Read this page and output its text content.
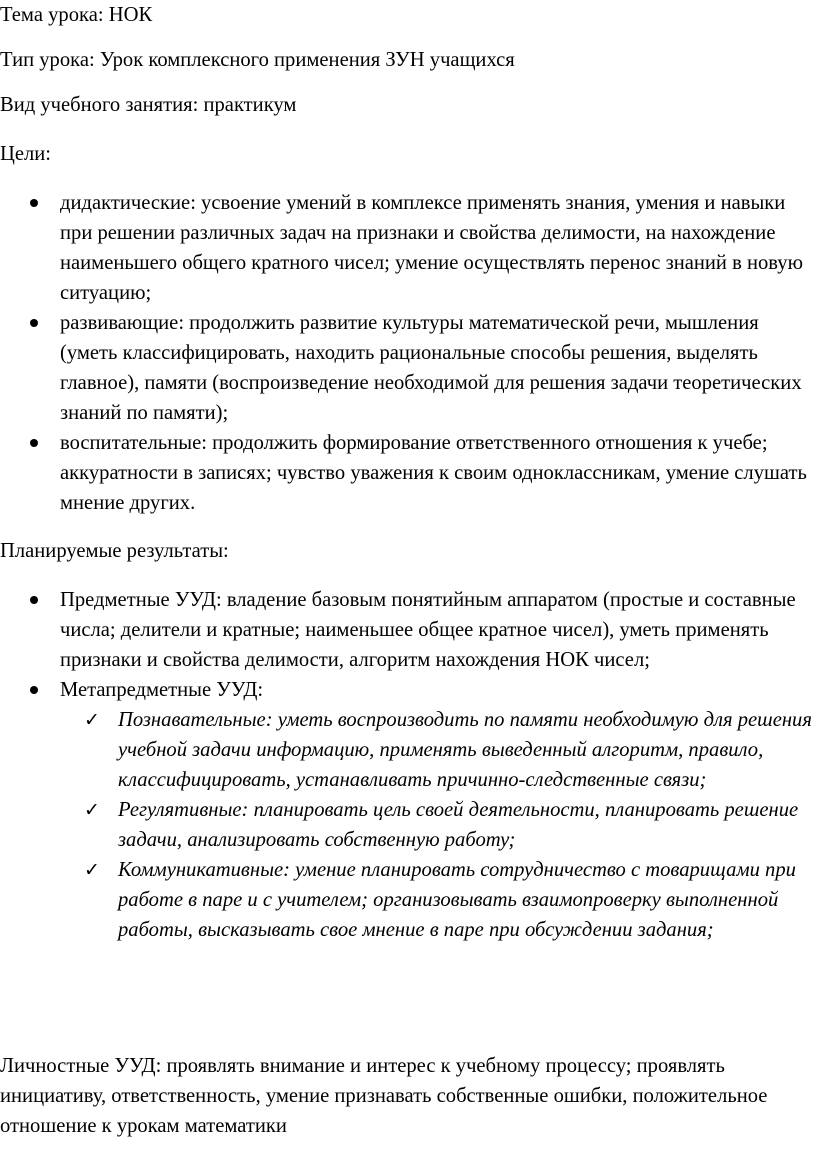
Тема урока: НОК
Тип урока: Урок комплексного применения ЗУН учащихся
Вид учебного занятия: практикум
Цели:
дидактические: усвоение умений в комплексе применять знания, умения и навыки при решении различных задач на признаки и свойства делимости, на нахождение наименьшего общего кратного чисел; умение осуществлять перенос знаний в новую ситуацию;
развивающие: продолжить развитие культуры математической речи, мышления (уметь классифицировать, находить рациональные способы решения, выделять главное), памяти (воспроизведение необходимой для решения задачи теоретических знаний по памяти);
воспитательные: продолжить формирование ответственного отношения к учебе; аккуратности в записях; чувство уважения к своим одноклассникам, умение слушать мнение других.
Планируемые результаты:
Предметные УУД: владение базовым понятийным аппаратом (простые и составные числа; делители и кратные; наименьшее общее кратное чисел), уметь применять признаки и свойства делимости, алгоритм нахождения НОК чисел;
Метапредметные УУД:
✓ Познавательные: уметь воспроизводить по памяти необходимую для решения учебной задачи информацию, применять выведенный алгоритм, правило, классифицировать, устанавливать причинно-следственные связи;
✓ Регулятивные: планировать цель своей деятельности, планировать решение задачи, анализировать собственную работу;
✓ Коммуникативные: умение планировать сотрудничество с товарищами при работе в паре и с учителем; организовывать взаимопроверку выполненной работы, высказывать свое мнение в паре при обсуждении задания;

Личностные УУД: проявлять внимание и интерес к учебному процессу; проявлять инициативу, ответственность, умение признавать собственные ошибки, положительное отношение к урокам математики
